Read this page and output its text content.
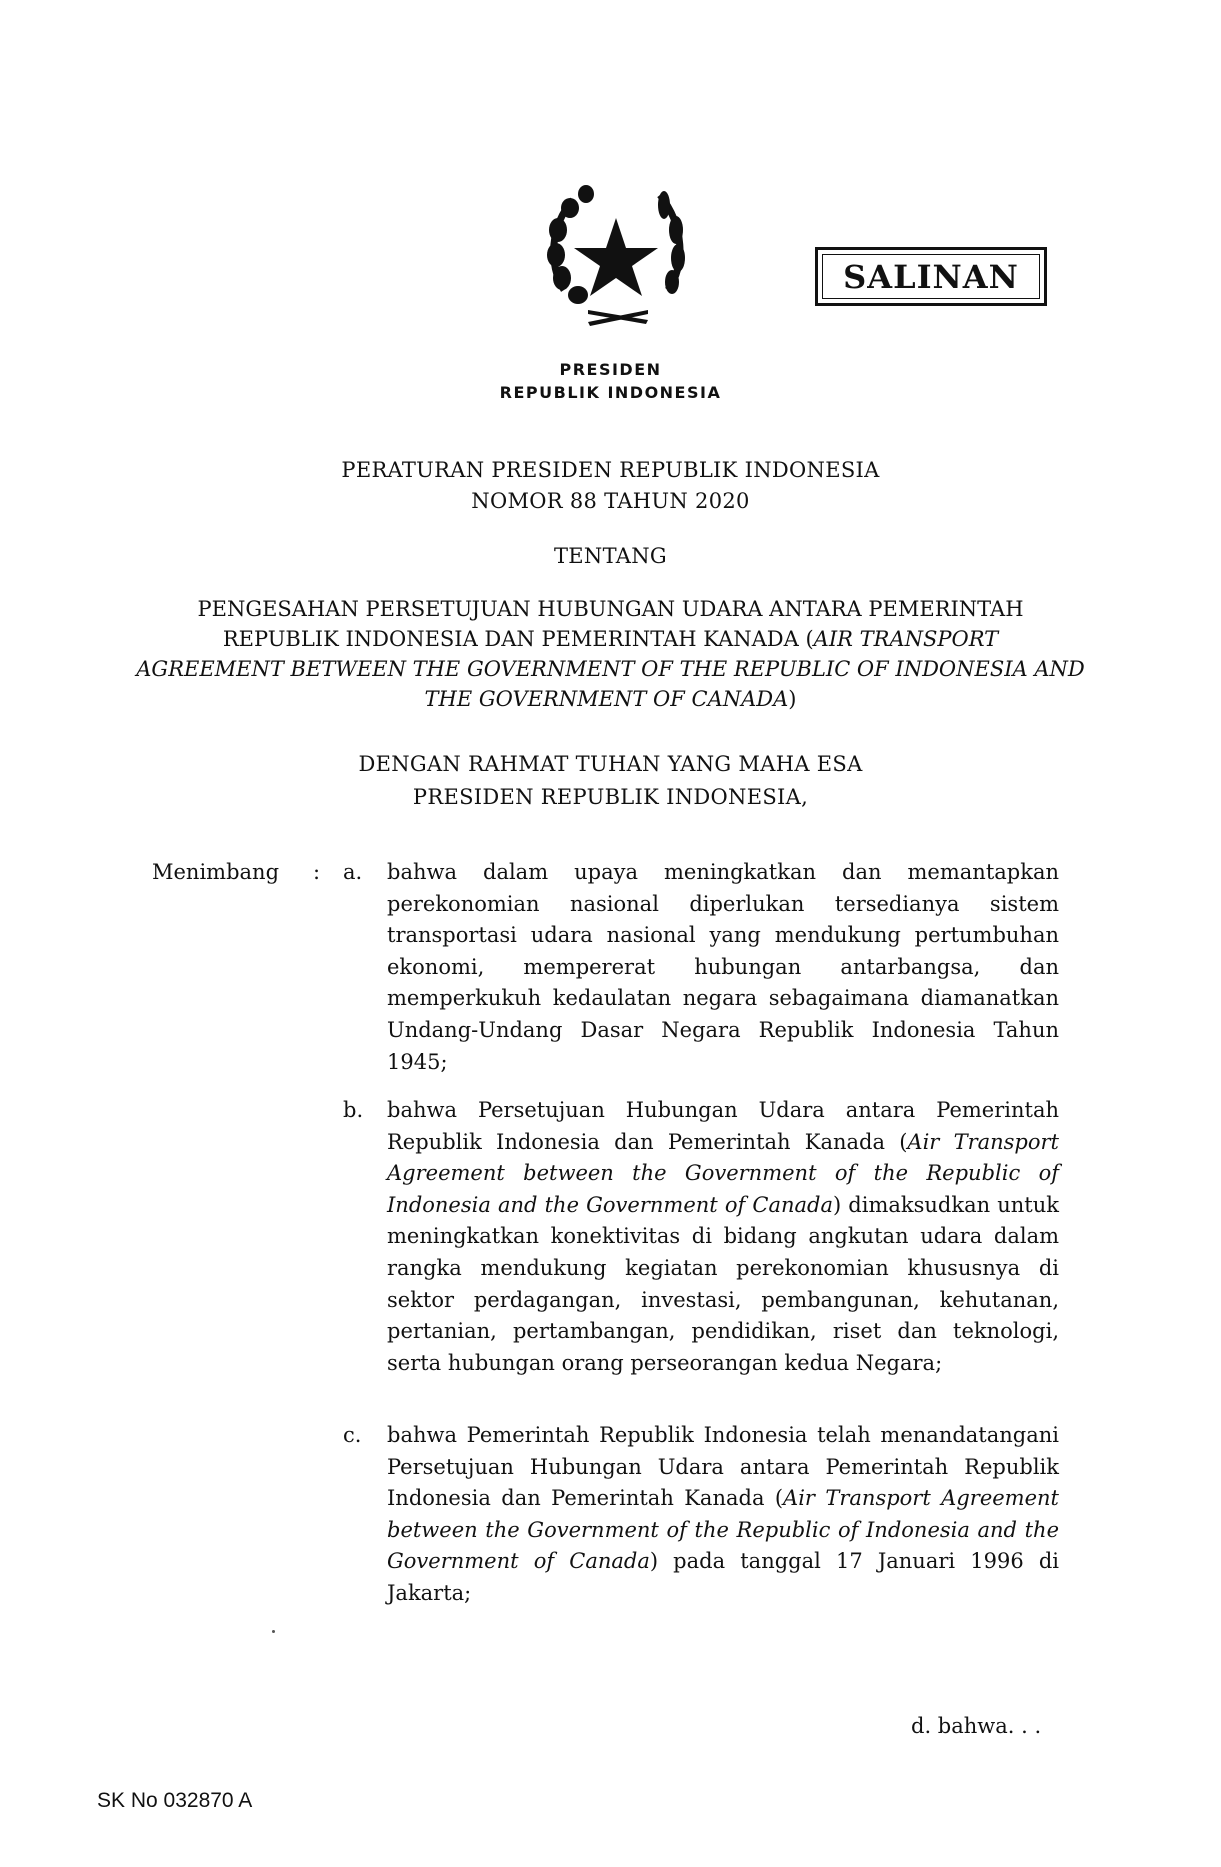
SALINAN
PRESIDEN
REPUBLIK INDONESIA
PERATURAN PRESIDEN REPUBLIK INDONESIA
NOMOR 88 TAHUN 2020
TENTANG
PENGESAHAN PERSETUJUAN HUBUNGAN UDARA ANTARA PEMERINTAH
REPUBLIK INDONESIA DAN PEMERINTAH KANADA (AIR TRANSPORT
AGREEMENT BETWEEN THE GOVERNMENT OF THE REPUBLIC OF INDONESIA AND
THE GOVERNMENT OF CANADA)
DENGAN RAHMAT TUHAN YANG MAHA ESA
PRESIDEN REPUBLIK INDONESIA,
Menimbang : a. bahwa dalam upaya meningkatkan dan memantapkan perekonomian nasional diperlukan tersedianya sistem transportasi udara nasional yang mendukung pertumbuhan ekonomi, mempererat hubungan antarbangsa, dan memperkukuh kedaulatan negara sebagaimana diamanatkan Undang-Undang Dasar Negara Republik Indonesia Tahun 1945;
b. bahwa Persetujuan Hubungan Udara antara Pemerintah Republik Indonesia dan Pemerintah Kanada (Air Transport Agreement between the Government of the Republic of Indonesia and the Government of Canada) dimaksudkan untuk meningkatkan konektivitas di bidang angkutan udara dalam rangka mendukung kegiatan perekonomian khususnya di sektor perdagangan, investasi, pembangunan, kehutanan, pertanian, pertambangan, pendidikan, riset dan teknologi, serta hubungan orang perseorangan kedua Negara;
c. bahwa Pemerintah Republik Indonesia telah menandatangani Persetujuan Hubungan Udara antara Pemerintah Republik Indonesia dan Pemerintah Kanada (Air Transport Agreement between the Government of the Republic of Indonesia and the Government of Canada) pada tanggal 17 Januari 1996 di Jakarta;
d. bahwa. . .
SK No 032870 A
